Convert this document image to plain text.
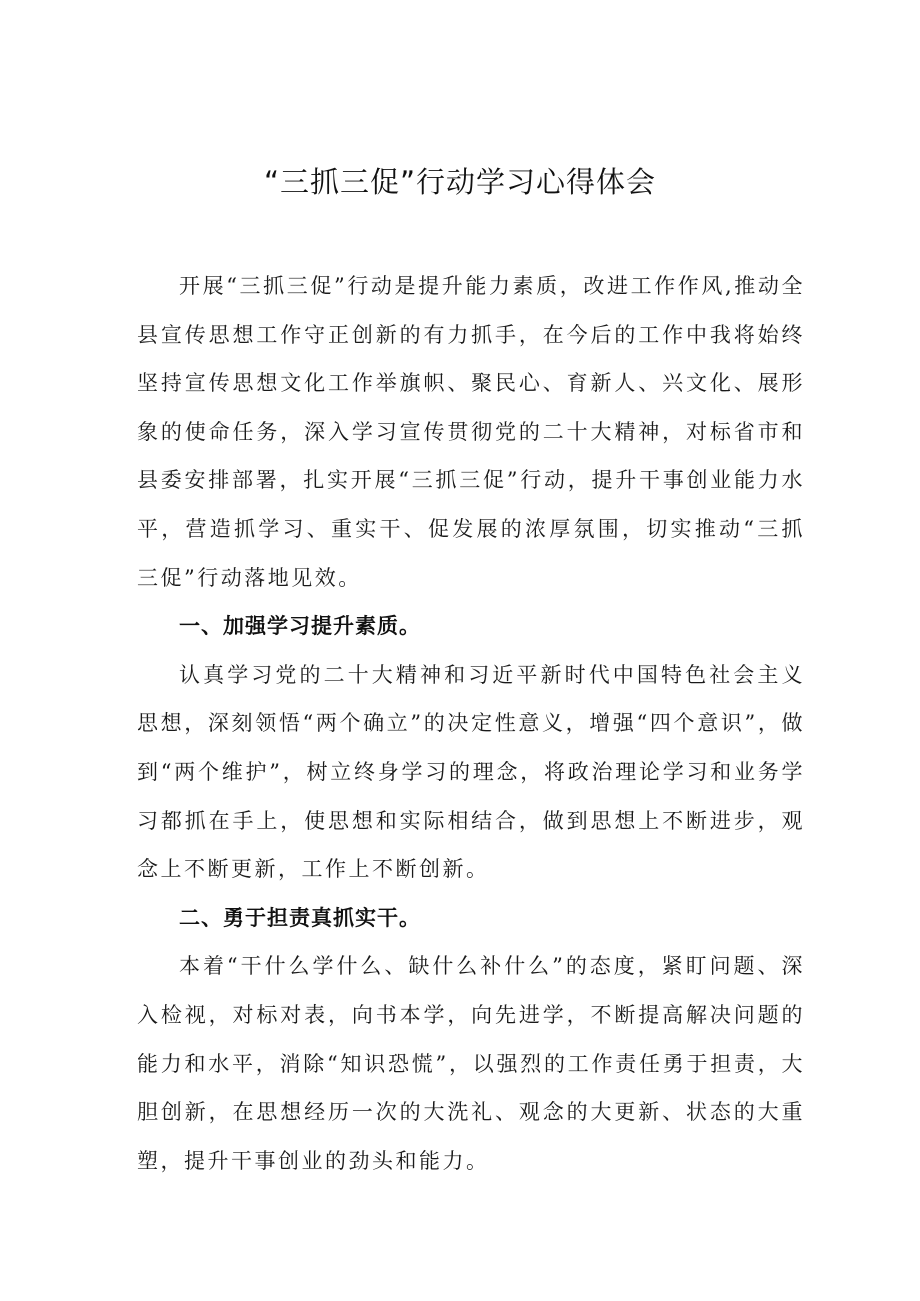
“三抓三促”行动学习心得体会

开展“三抓三促”行动是提升能力素质，改进工作作风,推动全县宣传思想工作守正创新的有力抓手，在今后的工作中我将始终坚持宣传思想文化工作举旗帜、聚民心、育新人、兴文化、展形象的使命任务，深入学习宣传贯彻党的二十大精神，对标省市和县委安排部署，扎实开展“三抓三促”行动，提升干事创业能力水平，营造抓学习、重实干、促发展的浓厚氛围，切实推动“三抓三促”行动落地见效。

一、加强学习提升素质。

认真学习党的二十大精神和习近平新时代中国特色社会主义思想，深刻领悟“两个确立”的决定性意义，增强“四个意识”，做到“两个维护”，树立终身学习的理念，将政治理论学习和业务学习都抓在手上，使思想和实际相结合，做到思想上不断进步，观念上不断更新，工作上不断创新。

二、勇于担责真抓实干。

本着“干什么学什么、缺什么补什么”的态度，紧盯问题、深入检视，对标对表，向书本学，向先进学，不断提高解决问题的能力和水平，消除“知识恐慌”，以强烈的工作责任勇于担责，大胆创新，在思想经历一次的大洗礼、观念的大更新、状态的大重塑，提升干事创业的劲头和能力。
